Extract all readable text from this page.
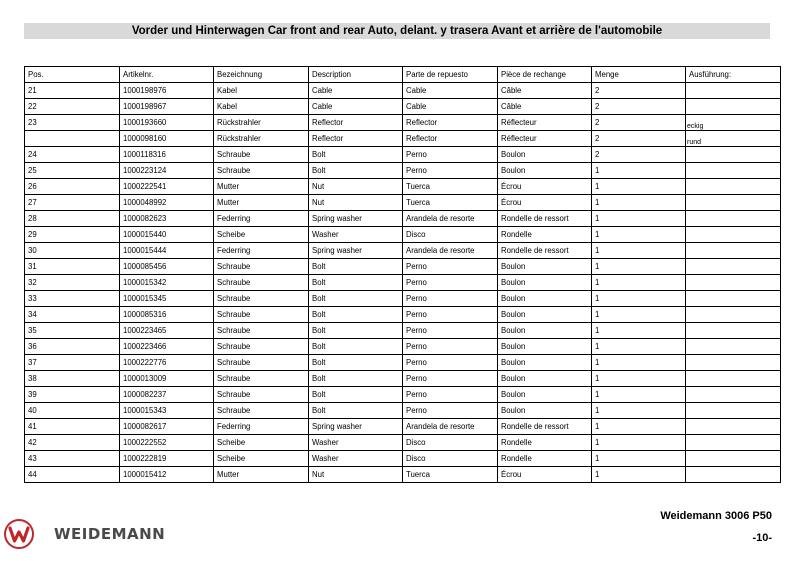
Vorder und Hinterwagen Car front and rear Auto, delant. y trasera Avant et arrière de l'automobile
Pos.	Artikelnr.	Bezeichnung	Description	Parte de repuesto	Pièce de rechange	Menge	Ausführung:
21	1000198976	Kabel	Cable	Cable	Câble	2	
22	1000198967	Kabel	Cable	Cable	Câble	2	
23	1000193660	Rückstrahler	Reflector	Reflector	Réflecteur	2	eckig
	1000098160	Rückstrahler	Reflector	Reflector	Réflecteur	2	rund
24	1000118316	Schraube	Bolt	Perno	Boulon	2	
25	1000223124	Schraube	Bolt	Perno	Boulon	1	
26	1000222541	Mutter	Nut	Tuerca	Écrou	1	
27	1000048992	Mutter	Nut	Tuerca	Écrou	1	
28	1000082623	Federring	Spring washer	Arandela de resorte	Rondelle de ressort	1	
29	1000015440	Scheibe	Washer	Disco	Rondelle	1	
30	1000015444	Federring	Spring washer	Arandela de resorte	Rondelle de ressort	1	
31	1000085456	Schraube	Bolt	Perno	Boulon	1	
32	1000015342	Schraube	Bolt	Perno	Boulon	1	
33	1000015345	Schraube	Bolt	Perno	Boulon	1	
34	1000085316	Schraube	Bolt	Perno	Boulon	1	
35	1000223465	Schraube	Bolt	Perno	Boulon	1	
36	1000223466	Schraube	Bolt	Perno	Boulon	1	
37	1000222776	Schraube	Bolt	Perno	Boulon	1	
38	1000013009	Schraube	Bolt	Perno	Boulon	1	
39	1000082237	Schraube	Bolt	Perno	Boulon	1	
40	1000015343	Schraube	Bolt	Perno	Boulon	1	
41	1000082617	Federring	Spring washer	Arandela de resorte	Rondelle de ressort	1	
42	1000222552	Scheibe	Washer	Disco	Rondelle	1	
43	1000222819	Scheibe	Washer	Disco	Rondelle	1	
44	1000015412	Mutter	Nut	Tuerca	Écrou	1	
WEIDEMANN
Weidemann 3006 P50
-10-
